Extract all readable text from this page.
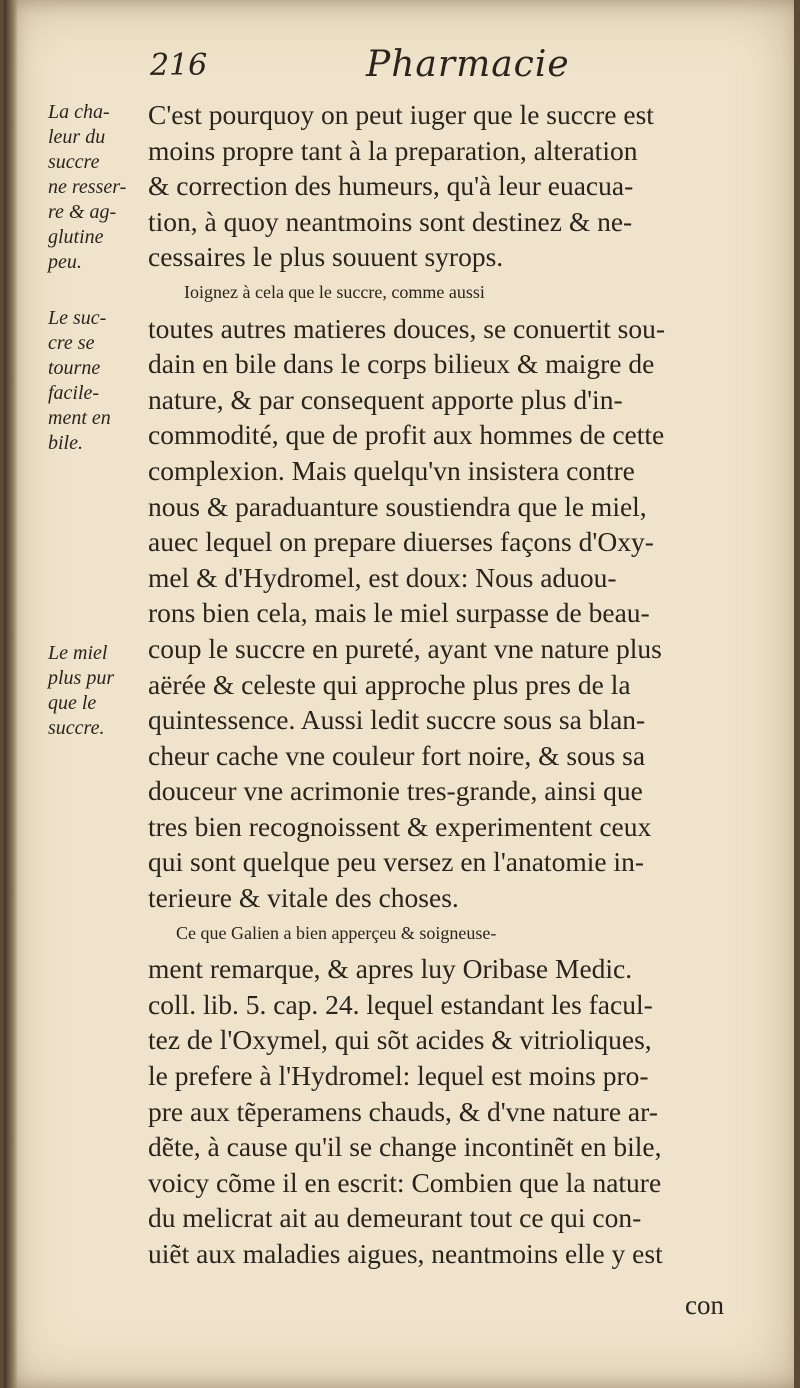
216	Pharmacie
La cha-
leur du
succre
ne resser-
re & ag-
glutine
peu.
Le suc-
cre se
tourne
facile-
ment en
bile.
Le miel
plus pur
que le
succre.
C'est pourquoy on peut iuger que le succre est
moins propre tant à la preparation, alteration
& correction des humeurs, qu'à leur euacua-
tion, à quoy neantmoins sont destinez & ne-
cessaires le plus souuent syrops.
Ioignez à cela que le succre, comme aussi
toutes autres matieres douces, se conuertit sou-
dain en bile dans le corps bilieux & maigre de
nature, & par consequent apporte plus d'in-
commodité, que de profit aux hommes de cette
complexion. Mais quelqu'vn insistera contre
nous & paraduanture soustiendra que le miel,
auec lequel on prepare diuerses façons d'Oxy-
mel & d'Hydromel, est doux: Nous aduou-
rons bien cela, mais le miel surpasse de beau-
coup le succre en pureté, ayant vne nature plus
aërée & celeste qui approche plus pres de la
quintessence. Aussi ledit succre sous sa blan-
cheur cache vne couleur fort noire, & sous sa
douceur vne acrimonie tres-grande, ainsi que
tres bien recognoissent & experimentent ceux
qui sont quelque peu versez en l'anatomie in-
terieure & vitale des choses.
Ce que Galien a bien apperçeu & soigneuse-
ment remarque, & apres luy Oribase Medic.
coll. lib. 5. cap. 24. lequel estandant les facul-
tez de l'Oxymel, qui sõt acides & vitrioliques,
le prefere à l'Hydromel: lequel est moins pro-
pre aux tẽperamens chauds, & d'vne nature ar-
dẽte, à cause qu'il se change incontinẽt en bile,
voicy cõme il en escrit: Combien que la nature
du melicrat ait au demeurant tout ce qui con-
uiẽt aux maladies aigues, neantmoins elle y est
con
